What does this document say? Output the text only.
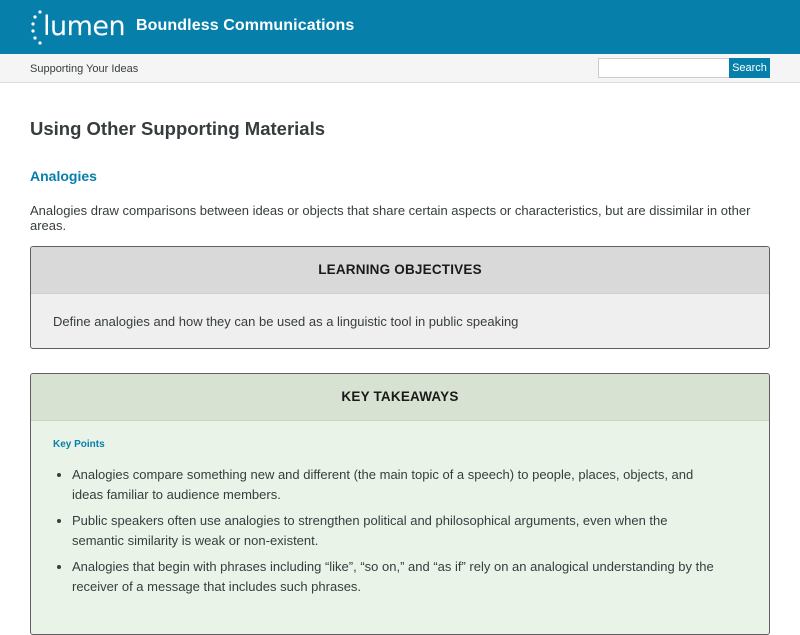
lumen Boundless Communications
Supporting Your Ideas	Search
Using Other Supporting Materials
Analogies

Analogies draw comparisons between ideas or objects that share certain aspects or characteristics, but are dissimilar in other areas.

LEARNING OBJECTIVES
Define analogies and how they can be used as a linguistic tool in public speaking
KEY TAKEAWAYS
Key Points
• Analogies compare something new and different (the main topic of a speech) to people, places, objects, and ideas familiar to audience members.
• Public speakers often use analogies to strengthen political and philosophical arguments, even when the semantic similarity is weak or non-existent.
• Analogies that begin with phrases including “like”, “so on,” and “as if” rely on an analogical understanding by the receiver of a message that includes such phrases.
